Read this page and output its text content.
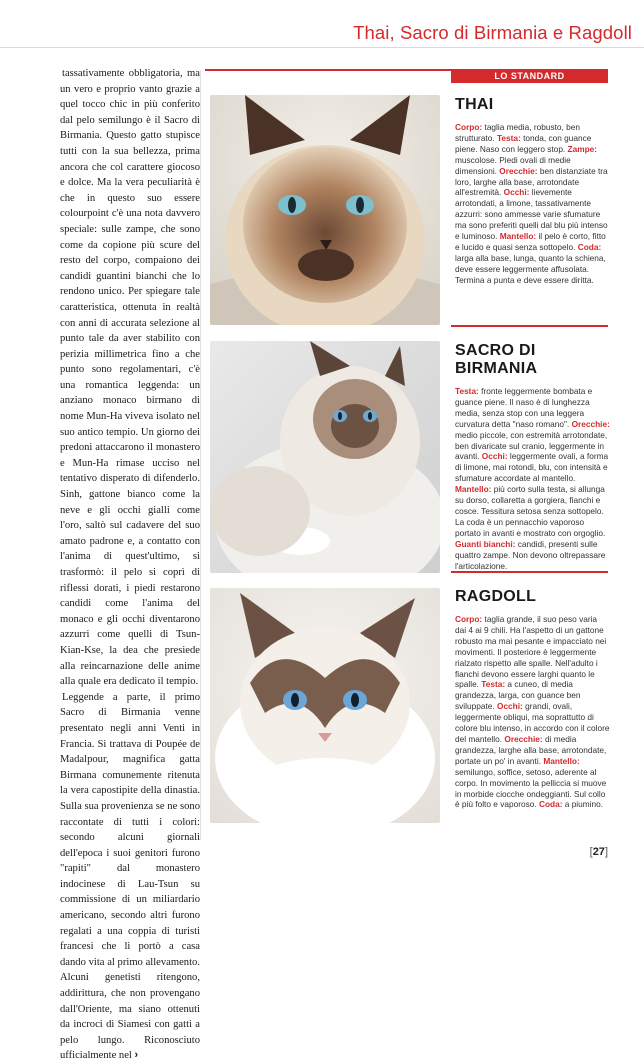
Thai, Sacro di Birmania e Ragdoll

tassativamente obbligatoria, ma un vero e proprio vanto grazie a quel tocco chic in più conferito dal pelo semilungo è il Sacro di Birmania. Questo gatto stupisce tutti con la sua bellezza, prima ancora che col carattere giocoso e dolce. Ma la vera peculiarità è che in questo suo essere colourpoint c'è una nota davvero speciale: sulle zampe, che sono come da copione più scure del resto del corpo, compaiono dei candidi guantini bianchi che lo rendono unico. Per spiegare tale caratteristica, ottenuta in realtà con anni di accurata selezione al punto tale da aver stabilito con perizia millimetrica fino a che punto sono regolamentari, c'è una romantica leggenda: un anziano monaco birmano di nome Mun-Ha viveva isolato nel suo antico tempio. Un giorno dei predoni attaccarono il monastero e Mun-Ha rimase ucciso nel tentativo disperato di difenderlo. Sinh, gattone bianco come la neve e gli occhi gialli come l'oro, saltò sul cadavere del suo amato padrone e, a contatto con l'anima di quest'ultimo, si trasformò: il pelo si coprì di riflessi dorati, i piedi restarono candidi come l'anima del monaco e gli occhi diventarono azzurri come quelli di Tsun-Kian-Kse, la dea che presiede alla reincarnazione delle anime alla quale era dedicato il tempio.

Leggende a parte, il primo Sacro di Birmania venne presentato negli anni Venti in Francia. Si trattava di Poupée de Madalpour, magnifica gatta Birmana comunemente ritenuta la vera capostipite della dinastia. Sulla sua provenienza se ne sono raccontate di tutti i colori: secondo alcuni giornali dell'epoca i suoi genitori furono "rapiti" dal monastero indocinese di Lau-Tsun su commissione di un miliardario americano, secondo altri furono regalati a una coppia di turisti francesi che li portò a casa dando vita al primo allevamento. Alcuni genetisti ritengono, addirittura, che non provengano dall'Oriente, ma siano ottenuti da incroci di Siamesi con gatti a pelo lungo. Riconosciuto ufficialmente nel ›

LO STANDARD
THAI

Corpo: taglia media, robusto, ben strutturato. Testa: tonda, con guance piene. Naso con leggero stop. Zampe: muscolose. Piedi ovali di medie dimensioni. Orecchie: ben distanziate tra loro, larghe alla base, arrotondate all'estremità. Occhi: lievemente arrotondati, a limone, tassativamente azzurri: sono ammesse varie sfumature ma sono preferiti quelli dal blu più intenso e luminoso. Mantello: il pelo è corto, fitto e lucido e quasi senza sottopelo. Coda: larga alla base, lunga, quanto la schiena, deve essere leggermente affusolata. Termina a punta e deve essere diritta.

SACRO DI BIRMANIA

Testa: fronte leggermente bombata e guance piene. Il naso è di lunghezza media, senza stop con una leggera curvatura detta "naso romano". Orecchie: medio piccole, con estremità arrotondate, ben divaricate sul cranio, leggermente in avanti. Occhi: leggermente ovali, a forma di limone, mai rotondi, blu, con intensità e sfumature accordate al mantello. Mantello: più corto sulla testa, si allunga su dorso, collaretta a gorgiera, fianchi e cosce. Tessitura setosa senza sottopelo. La coda è un pennacchio vaporoso portato in avanti e mostrato con orgoglio. Guanti bianchi: candidi, presenti sulle quattro zampe. Non devono oltrepassare l'articolazione.

RAGDOLL

Corpo: taglia grande, il suo peso varia dai 4 ai 9 chili. Ha l'aspetto di un gattone robusto ma mai pesante e impacciato nei movimenti. Il posteriore è leggermente rialzato rispetto alle spalle. Nell'adulto i fianchi devono essere larghi quanto le spalle. Testa: a cuneo, di media grandezza, larga, con guance ben sviluppate. Occhi: grandi, ovali, leggermente obliqui, ma soprattutto di colore blu intenso, in accordo con il colore del mantello. Orecchie: di media grandezza, larghe alla base, arrotondate, portate un po' in avanti. Mantello: semilungo, soffice, setoso, aderente al corpo. In movimento la pelliccia si muove in morbide ciocche ondeggianti. Sul collo è più folto e vaporoso. Coda: a piumino.

[27]
